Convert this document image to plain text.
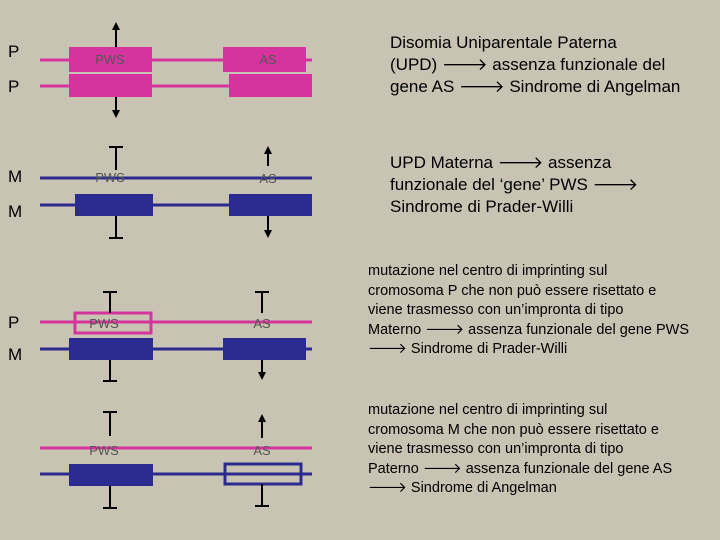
P
P
PWS	AS
M
M
PWS	AS
P
M
PWS	AS
PWS	AS
Disomia Uniparentale Paterna
(UPD) 🡒 assenza funzionale del
gene AS 🡒 Sindrome di Angelman
UPD Materna 🡒 assenza
funzionale del ‘gene’ PWS 🡒
Sindrome di Prader-Willi
mutazione nel centro di imprinting sul
cromosoma P che non può essere risettato e
viene trasmesso con un’impronta di tipo
Materno 🡒 assenza funzionale del gene PWS
🡒 Sindrome di Prader-Willi
mutazione nel centro di imprinting sul
cromosoma M che non può essere risettato e
viene trasmesso con un’impronta di tipo
Paterno 🡒 assenza funzionale del gene AS
🡒 Sindrome di Angelman
